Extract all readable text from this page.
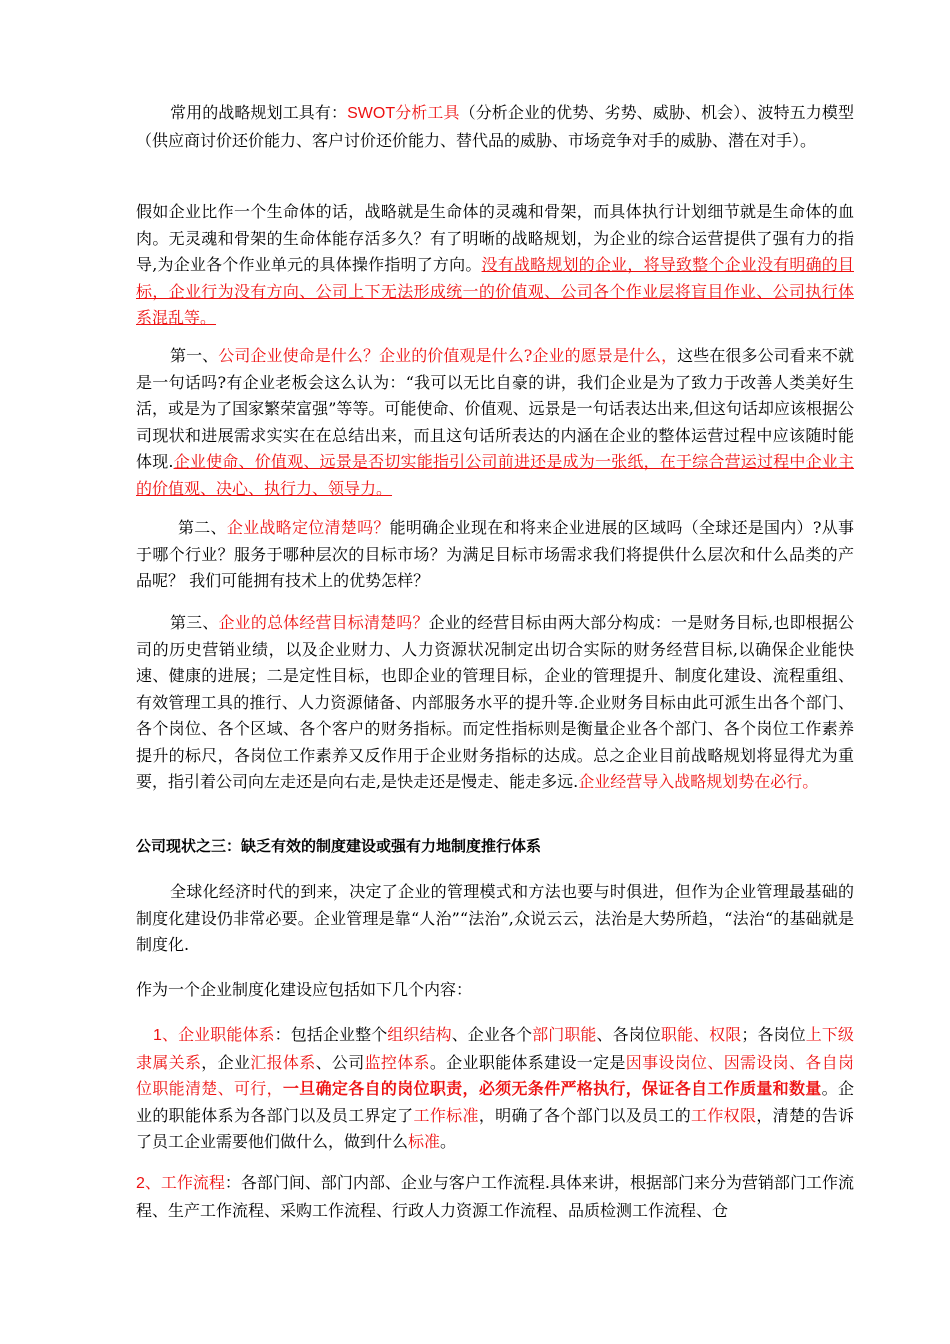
常用的战略规划工具有：SWOT分析工具（分析企业的优势、劣势、威胁、机会）、波特五力模型（供应商讨价还价能力、客户讨价还价能力、替代品的威胁、市场竞争对手的威胁、潜在对手）。

假如企业比作一个生命体的话，战略就是生命体的灵魂和骨架，而具体执行计划细节就是生命体的血肉。无灵魂和骨架的生命体能存活多久？有了明晰的战略规划，为企业的综合运营提供了强有力的指导,为企业各个作业单元的具体操作指明了方向。没有战略规划的企业，将导致整个企业没有明确的目标，企业行为没有方向、公司上下无法形成统一的价值观、公司各个作业层将盲目作业、公司执行体系混乱等。

第一、公司企业使命是什么？企业的价值观是什么?企业的愿景是什么，这些在很多公司看来不就是一句话吗?有企业老板会这么认为：“我可以无比自豪的讲，我们企业是为了致力于改善人类美好生活，或是为了国家繁荣富强”等等。可能使命、价值观、远景是一句话表达出来,但这句话却应该根据公司现状和进展需求实实在在总结出来，而且这句话所表达的内涵在企业的整体运营过程中应该随时能体现.企业使命、价值观、远景是否切实能指引公司前进还是成为一张纸，在于综合营运过程中企业主的价值观、决心、执行力、领导力。

第二、企业战略定位清楚吗？能明确企业现在和将来企业进展的区域吗（全球还是国内）?从事于哪个行业？服务于哪种层次的目标市场？为满足目标市场需求我们将提供什么层次和什么品类的产品呢？ 我们可能拥有技术上的优势怎样？

第三、企业的总体经营目标清楚吗？企业的经营目标由两大部分构成：一是财务目标,也即根据公司的历史营销业绩，以及企业财力、人力资源状况制定出切合实际的财务经营目标,以确保企业能快速、健康的进展；二是定性目标，也即企业的管理目标，企业的管理提升、制度化建设、流程重组、有效管理工具的推行、人力资源储备、内部服务水平的提升等.企业财务目标由此可派生出各个部门、各个岗位、各个区域、各个客户的财务指标。而定性指标则是衡量企业各个部门、各个岗位工作素养提升的标尺，各岗位工作素养又反作用于企业财务指标的达成。总之企业目前战略规划将显得尤为重要，指引着公司向左走还是向右走,是快走还是慢走、能走多远.企业经营导入战略规划势在必行。

公司现状之三：缺乏有效的制度建设或强有力地制度推行体系

全球化经济时代的到来，决定了企业的管理模式和方法也要与时俱进，但作为企业管理最基础的制度化建设仍非常必要。企业管理是靠“人治”“法治”,众说云云，法治是大势所趋，“法治“的基础就是制度化.

作为一个企业制度化建设应包括如下几个内容：

1、企业职能体系：包括企业整个组织结构、企业各个部门职能、各岗位职能、权限；各岗位上下级隶属关系，企业汇报体系、公司监控体系。企业职能体系建设一定是因事设岗位、因需设岗、各自岗位职能清楚、可行，一旦确定各自的岗位职责，必须无条件严格执行，保证各自工作质量和数量。企业的职能体系为各部门以及员工界定了工作标准，明确了各个部门以及员工的工作权限，清楚的告诉了员工企业需要他们做什么，做到什么标准。

2、工作流程：各部门间、部门内部、企业与客户工作流程.具体来讲，根据部门来分为营销部门工作流程、生产工作流程、采购工作流程、行政人力资源工作流程、品质检测工作流程、仓
